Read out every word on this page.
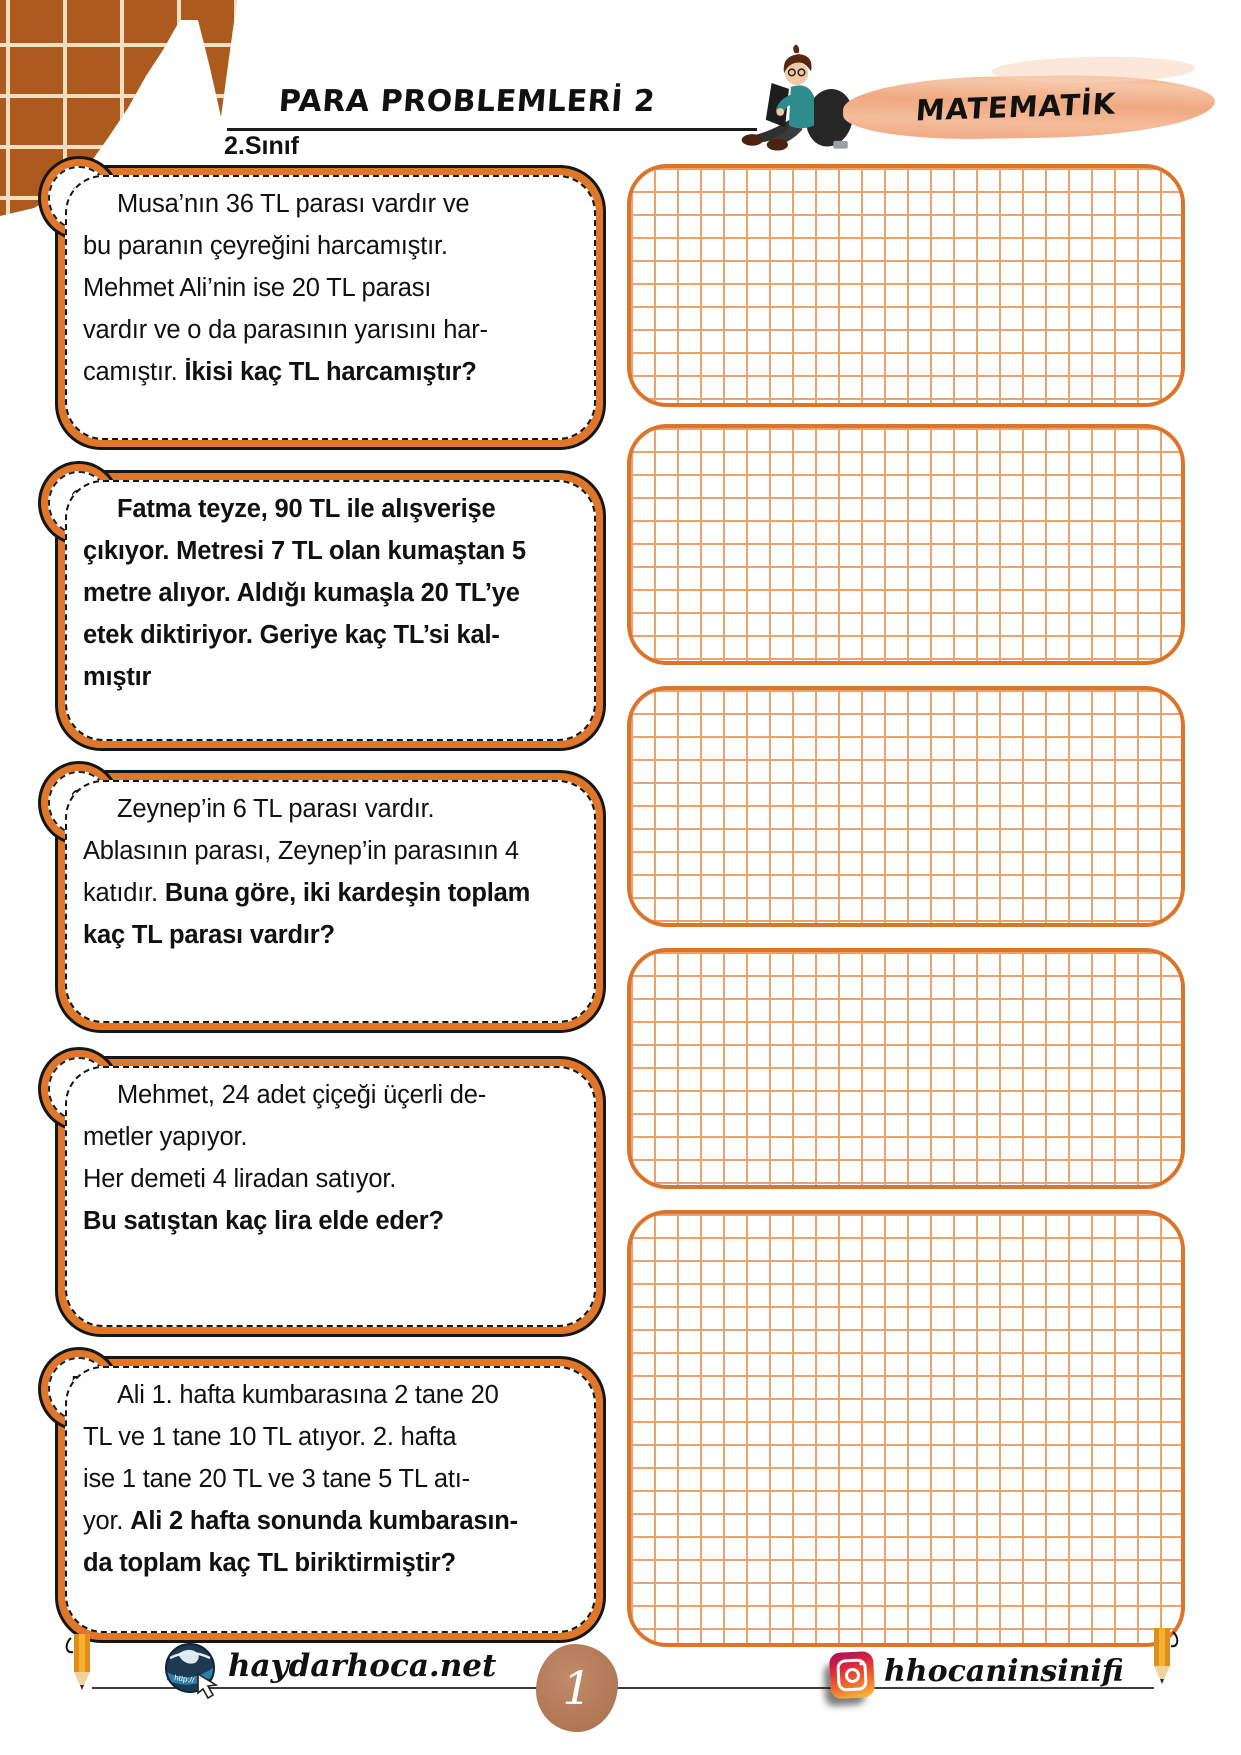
PARA PROBLEMLERİ 2
2.Sınıf
MATEMATİK
Musa’nın 36 TL parası vardır ve
bu paranın çeyreğini harcamıştır.
Mehmet Ali’nin ise 20 TL parası
vardır ve o da parasının yarısını har-
camıştır. İkisi kaç TL harcamıştır?
Fatma teyze, 90 TL ile alışverişe
çıkıyor. Metresi 7 TL olan kumaştan 5
metre alıyor. Aldığı kumaşla 20 TL’ye
etek diktiriyor. Geriye kaç TL’si kal-
mıştır
Zeynep’in 6 TL parası vardır.
Ablasının parası, Zeynep’in parasının 4
katıdır. Buna göre, iki kardeşin toplam
kaç TL parası vardır?
Mehmet, 24 adet çiçeği üçerli de-
metler yapıyor.
Her demeti 4 liradan satıyor.
Bu satıştan kaç lira elde eder?
Ali 1. hafta kumbarasına 2 tane 20
TL ve 1 tane 10 TL atıyor. 2. hafta
ise 1 tane 20 TL ve 3 tane 5 TL atı-
yor. Ali 2 hafta sonunda kumbarasın-
da toplam kaç TL biriktirmiştir?
http:// haydarhoca.net	1	hhocaninsinifi
